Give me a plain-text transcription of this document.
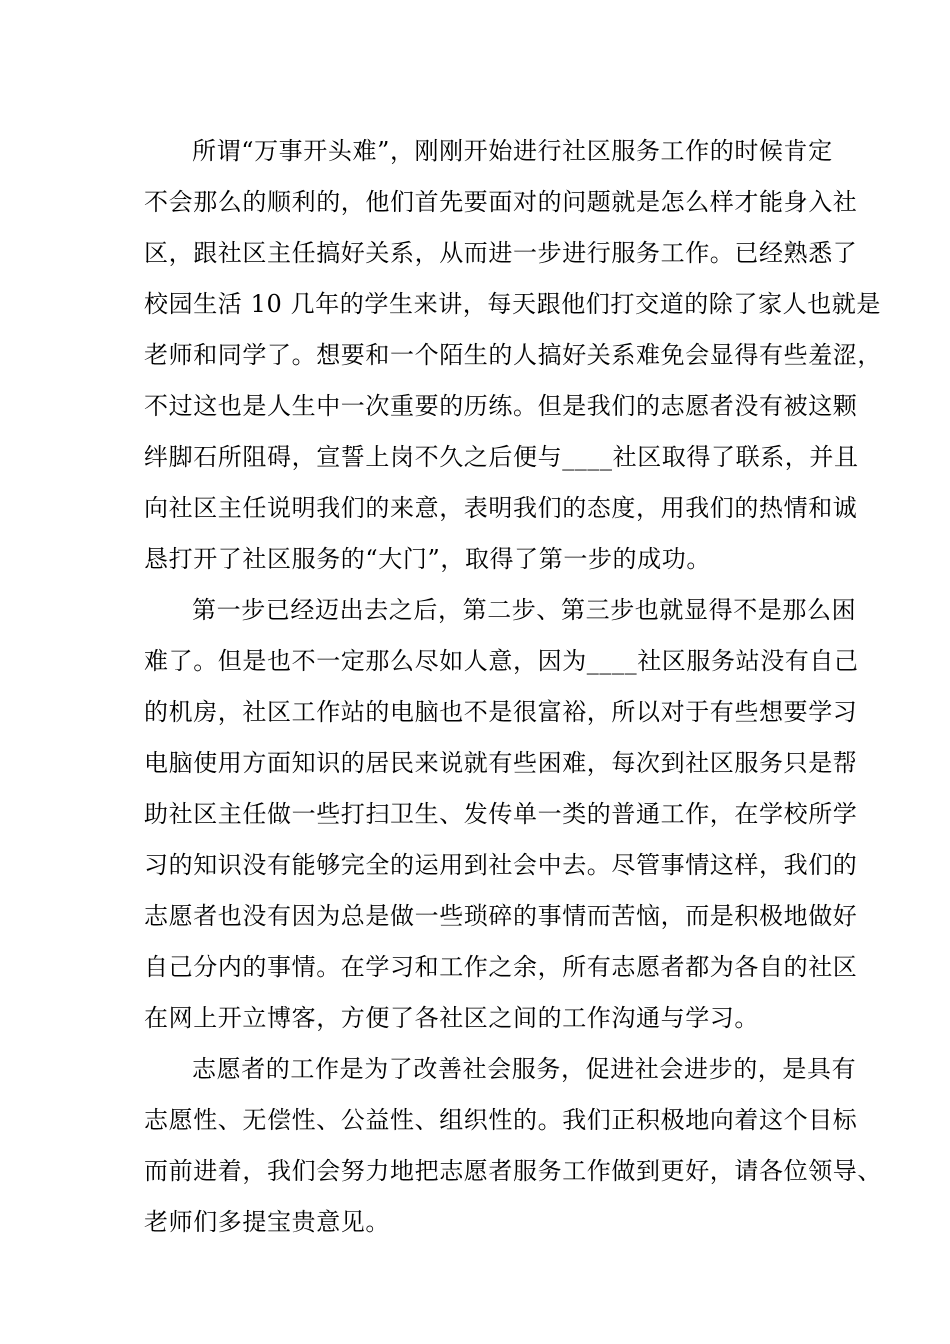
所谓“万事开头难”，刚刚开始进行社区服务工作的时候肯定
不会那么的顺利的，他们首先要面对的问题就是怎么样才能身入社
区，跟社区主任搞好关系，从而进一步进行服务工作。已经熟悉了
校园生活 10 几年的学生来讲，每天跟他们打交道的除了家人也就是
老师和同学了。想要和一个陌生的人搞好关系难免会显得有些羞涩，
不过这也是人生中一次重要的历练。但是我们的志愿者没有被这颗
绊脚石所阻碍，宣誓上岗不久之后便与____社区取得了联系，并且
向社区主任说明我们的来意，表明我们的态度，用我们的热情和诚
恳打开了社区服务的“大门”，取得了第一步的成功。

第一步已经迈出去之后，第二步、第三步也就显得不是那么困
难了。但是也不一定那么尽如人意，因为____社区服务站没有自己
的机房，社区工作站的电脑也不是很富裕，所以对于有些想要学习
电脑使用方面知识的居民来说就有些困难，每次到社区服务只是帮
助社区主任做一些打扫卫生、发传单一类的普通工作，在学校所学
习的知识没有能够完全的运用到社会中去。尽管事情这样，我们的
志愿者也没有因为总是做一些琐碎的事情而苦恼，而是积极地做好
自己分内的事情。在学习和工作之余，所有志愿者都为各自的社区
在网上开立博客，方便了各社区之间的工作沟通与学习。

志愿者的工作是为了改善社会服务，促进社会进步的，是具有
志愿性、无偿性、公益性、组织性的。我们正积极地向着这个目标
而前进着，我们会努力地把志愿者服务工作做到更好，请各位领导、
老师们多提宝贵意见。
